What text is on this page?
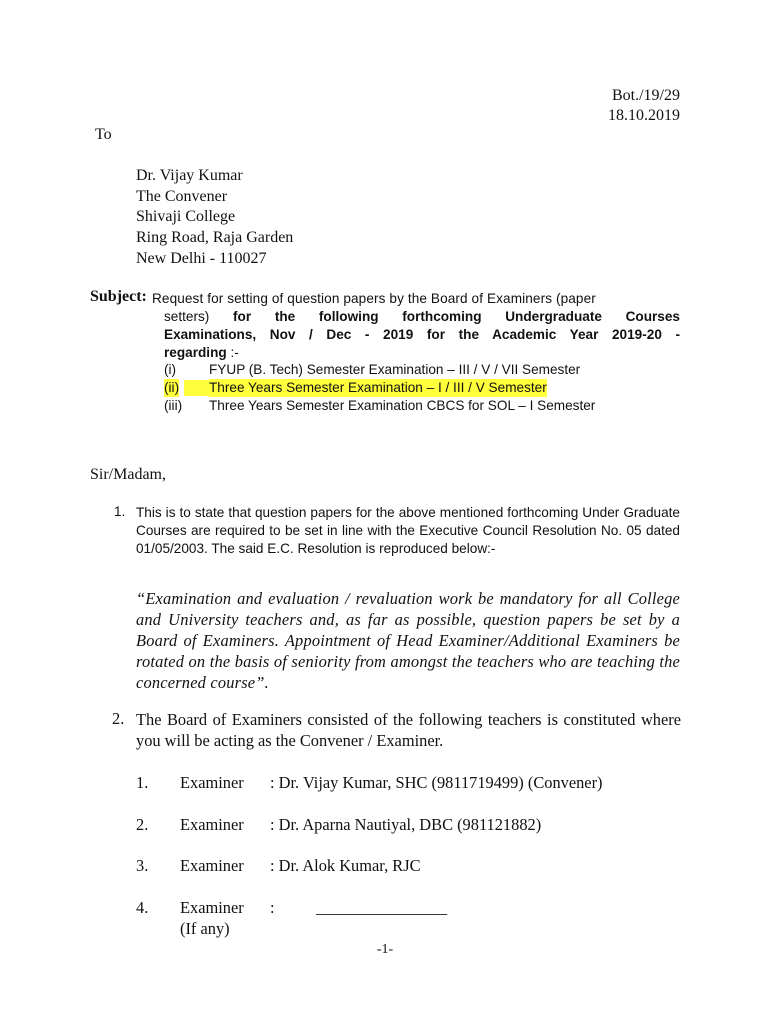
Bot./19/29
18.10.2019
To
Dr. Vijay Kumar
The Convener
Shivaji College
Ring Road, Raja Garden
New Delhi - 110027
Subject: Request for setting of question papers by the Board of Examiners (paper
setters) for the following forthcoming Undergraduate Courses
Examinations, Nov / Dec - 2019 for the Academic Year 2019-20 -
regarding :-
(i) FYUP (B. Tech) Semester Examination – III / V / VII Semester
(ii) Three Years Semester Examination – I / III / V Semester
(iii) Three Years Semester Examination CBCS for SOL – I Semester
Sir/Madam,
1. This is to state that question papers for the above mentioned forthcoming Under Graduate Courses are required to be set in line with the Executive Council Resolution No. 05 dated 01/05/2003. The said E.C. Resolution is reproduced below:-
“Examination and evaluation / revaluation work be mandatory for all College and University teachers and, as far as possible, question papers be set by a Board of Examiners. Appointment of Head Examiner/Additional Examiners be rotated on the basis of seniority from amongst the teachers who are teaching the concerned course”.
2. The Board of Examiners consisted of the following teachers is constituted where you will be acting as the Convener / Examiner.
1. Examiner : Dr. Vijay Kumar, SHC (9811719499) (Convener)
2. Examiner : Dr. Aparna Nautiyal, DBC (981121882)
3. Examiner : Dr. Alok Kumar, RJC
4. Examiner
(If any)
:	________________
-1-
